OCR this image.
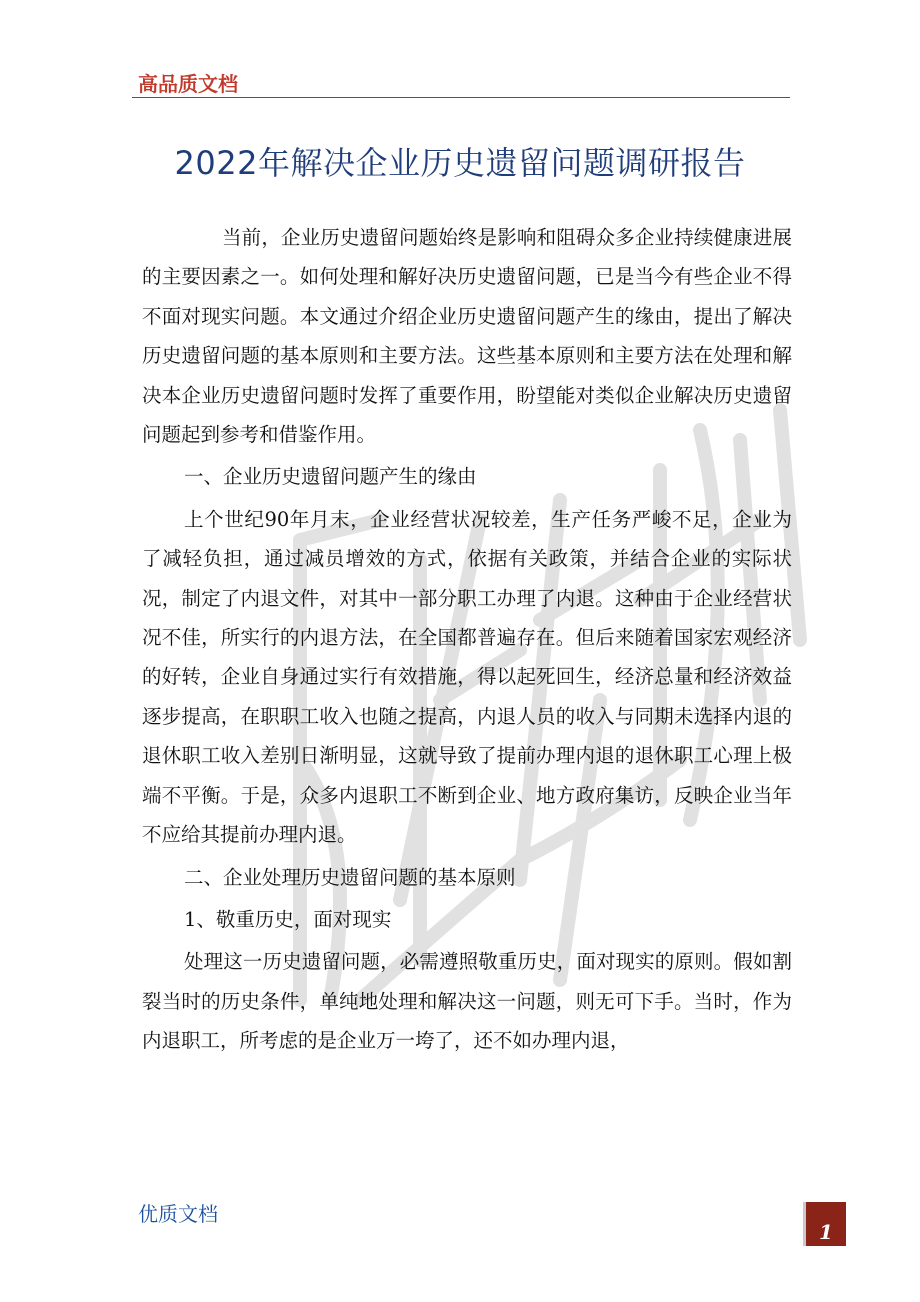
高品质文档
2022年解决企业历史遗留问题调研报告

当前，企业历史遗留问题始终是影响和阻碍众多企业持续健康进展的主要因素之一。如何处理和解好决历史遗留问题，已是当今有些企业不得不面对现实问题。本文通过介绍企业历史遗留问题产生的缘由，提出了解决历史遗留问题的基本原则和主要方法。这些基本原则和主要方法在处理和解决本企业历史遗留问题时发挥了重要作用，盼望能对类似企业解决历史遗留问题起到参考和借鉴作用。

一、企业历史遗留问题产生的缘由

上个世纪90年月末，企业经营状况较差，生产任务严峻不足，企业为了减轻负担，通过减员增效的方式，依据有关政策，并结合企业的实际状况，制定了内退文件，对其中一部分职工办理了内退。这种由于企业经营状况不佳，所实行的内退方法，在全国都普遍存在。但后来随着国家宏观经济的好转，企业自身通过实行有效措施，得以起死回生，经济总量和经济效益逐步提高，在职职工收入也随之提高，内退人员的收入与同期未选择内退的退休职工收入差别日渐明显，这就导致了提前办理内退的退休职工心理上极端不平衡。于是，众多内退职工不断到企业、地方政府集访，反映企业当年不应给其提前办理内退。

二、企业处理历史遗留问题的基本原则

1、敬重历史，面对现实

处理这一历史遗留问题，必需遵照敬重历史，面对现实的原则。假如割裂当时的历史条件，单纯地处理和解决这一问题，则无可下手。当时，作为内退职工，所考虑的是企业万一垮了，还不如办理内退，

优质文档
1
